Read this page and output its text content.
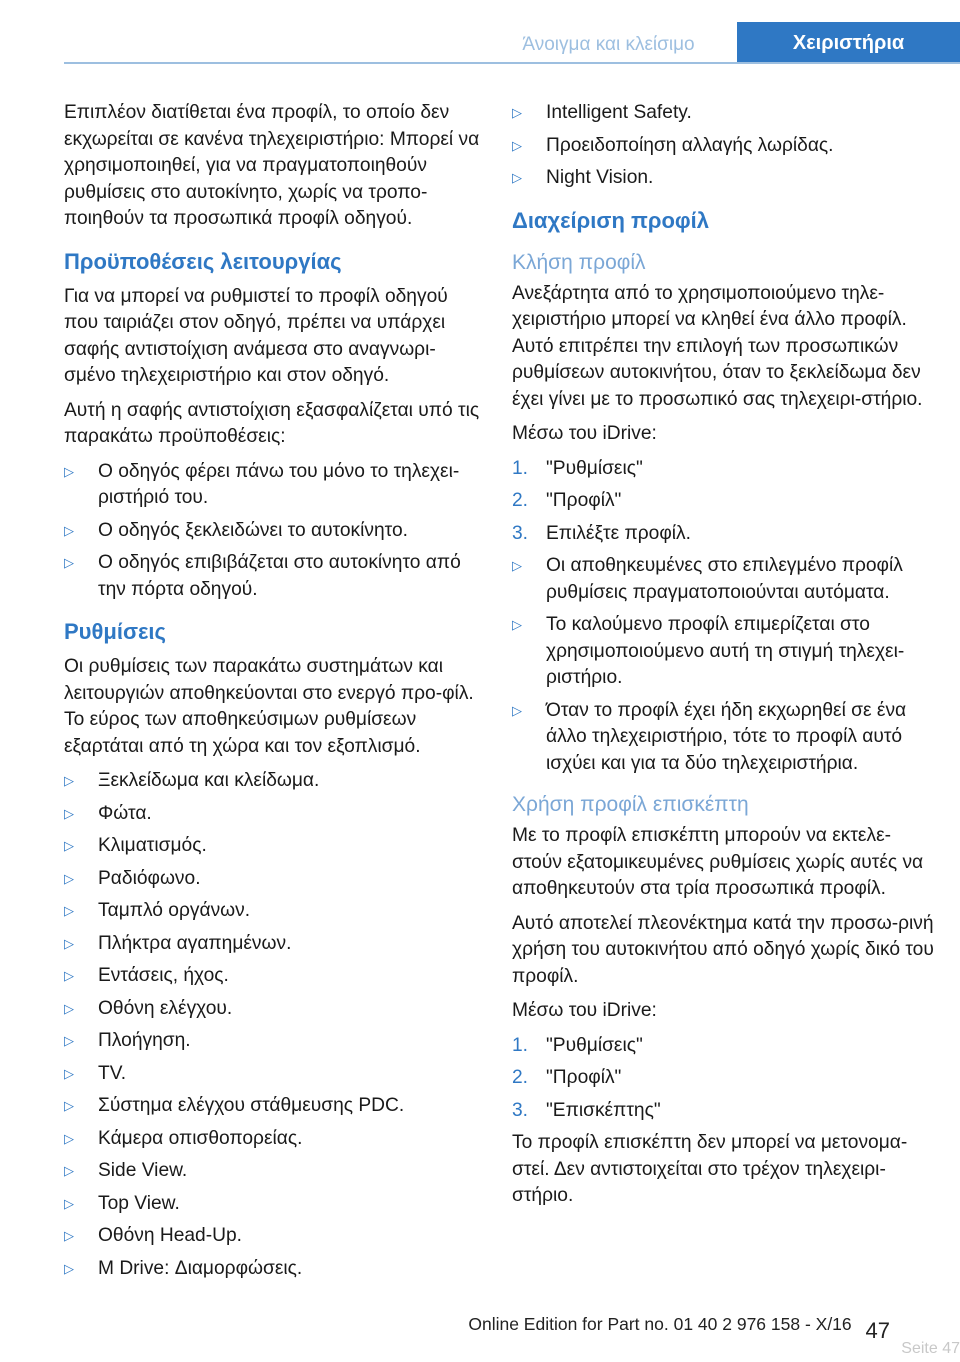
Άνοιγμα και κλείσιμο	Χειριστήρια

Επιπλέον διατίθεται ένα προφίλ, το οποίο δεν εκχωρείται σε κανένα τηλεχειριστήριο: Μπορεί να χρησιμοποιηθεί, για να πραγματοποιηθούν ρυθμίσεις στο αυτοκίνητο, χωρίς να τροπο‐ποιηθούν τα προσωπικά προφίλ οδηγού.

Προϋποθέσεις λειτουργίας

Για να μπορεί να ρυθμιστεί το προφίλ οδηγού που ταιριάζει στον οδηγό, πρέπει να υπάρχει σαφής αντιστοίχιση ανάμεσα στο αναγνωρι‐σμένο τηλεχειριστήριο και στον οδηγό.

Αυτή η σαφής αντιστοίχιση εξασφαλίζεται υπό τις παρακάτω προϋποθέσεις:

▷ Ο οδηγός φέρει πάνω του μόνο το τηλεχει‐ριστήριό του.
▷ Ο οδηγός ξεκλειδώνει το αυτοκίνητο.
▷ Ο οδηγός επιβιβάζεται στο αυτοκίνητο από την πόρτα οδηγού.
Ρυθμίσεις

Οι ρυθμίσεις των παρακάτω συστημάτων και λειτουργιών αποθηκεύονται στο ενεργό προ‐φίλ. Το εύρος των αποθηκεύσιμων ρυθμίσεων εξαρτάται από τη χώρα και τον εξοπλισμό.

▷ Ξεκλείδωμα και κλείδωμα.
▷ Φώτα.
▷ Κλιματισμός.
▷ Ραδιόφωνο.
▷ Ταμπλό οργάνων.
▷ Πλήκτρα αγαπημένων.
▷ Εντάσεις, ήχος.
▷ Οθόνη ελέγχου.
▷ Πλοήγηση.
▷ TV.
▷ Σύστημα ελέγχου στάθμευσης PDC.
▷ Κάμερα οπισθοπορείας.
▷ Side View.
▷ Top View.
▷ Οθόνη Head-Up.
▷ M Drive: Διαμορφώσεις.
▷ Intelligent Safety.
▷ Προειδοποίηση αλλαγής λωρίδας.
▷ Night Vision.
Διαχείριση προφίλ
Κλήση προφίλ

Ανεξάρτητα από το χρησιμοποιούμενο τηλε‐χειριστήριο μπορεί να κληθεί ένα άλλο προφίλ. Αυτό επιτρέπει την επιλογή των προσωπικών ρυθμίσεων αυτοκινήτου, όταν το ξεκλείδωμα δεν έχει γίνει με το προσωπικό σας τηλεχειρι‐στήριο.

Μέσω του iDrive:

1. "Ρυθμίσεις"
2. "Προφίλ"
3. Επιλέξτε προφίλ.
▷ Οι αποθηκευμένες στο επιλεγμένο προφίλ ρυθμίσεις πραγματοποιούνται αυτόματα.
▷ Το καλούμενο προφίλ επιμερίζεται στο χρησιμοποιούμενο αυτή τη στιγμή τηλεχει‐ριστήριο.
▷ Όταν το προφίλ έχει ήδη εκχωρηθεί σε ένα άλλο τηλεχειριστήριο, τότε το προφίλ αυτό ισχύει και για τα δύο τηλεχειριστήρια.
Χρήση προφίλ επισκέπτη

Με το προφίλ επισκέπτη μπορούν να εκτελε‐στούν εξατομικευμένες ρυθμίσεις χωρίς αυτές να αποθηκευτούν στα τρία προσωπικά προφίλ.

Αυτό αποτελεί πλεονέκτημα κατά την προσω‐ρινή χρήση του αυτοκινήτου από οδηγό χωρίς δικό του προφίλ.

Μέσω του iDrive:

1. "Ρυθμίσεις"
2. "Προφίλ"
3. "Επισκέπτης"

Το προφίλ επισκέπτη δεν μπορεί να μετονομα‐στεί. Δεν αντιστοιχείται στο τρέχον τηλεχειρι‐στήριο.

Online Edition for Part no. 01 40 2 976 158 - X/16 47
Seite 47
